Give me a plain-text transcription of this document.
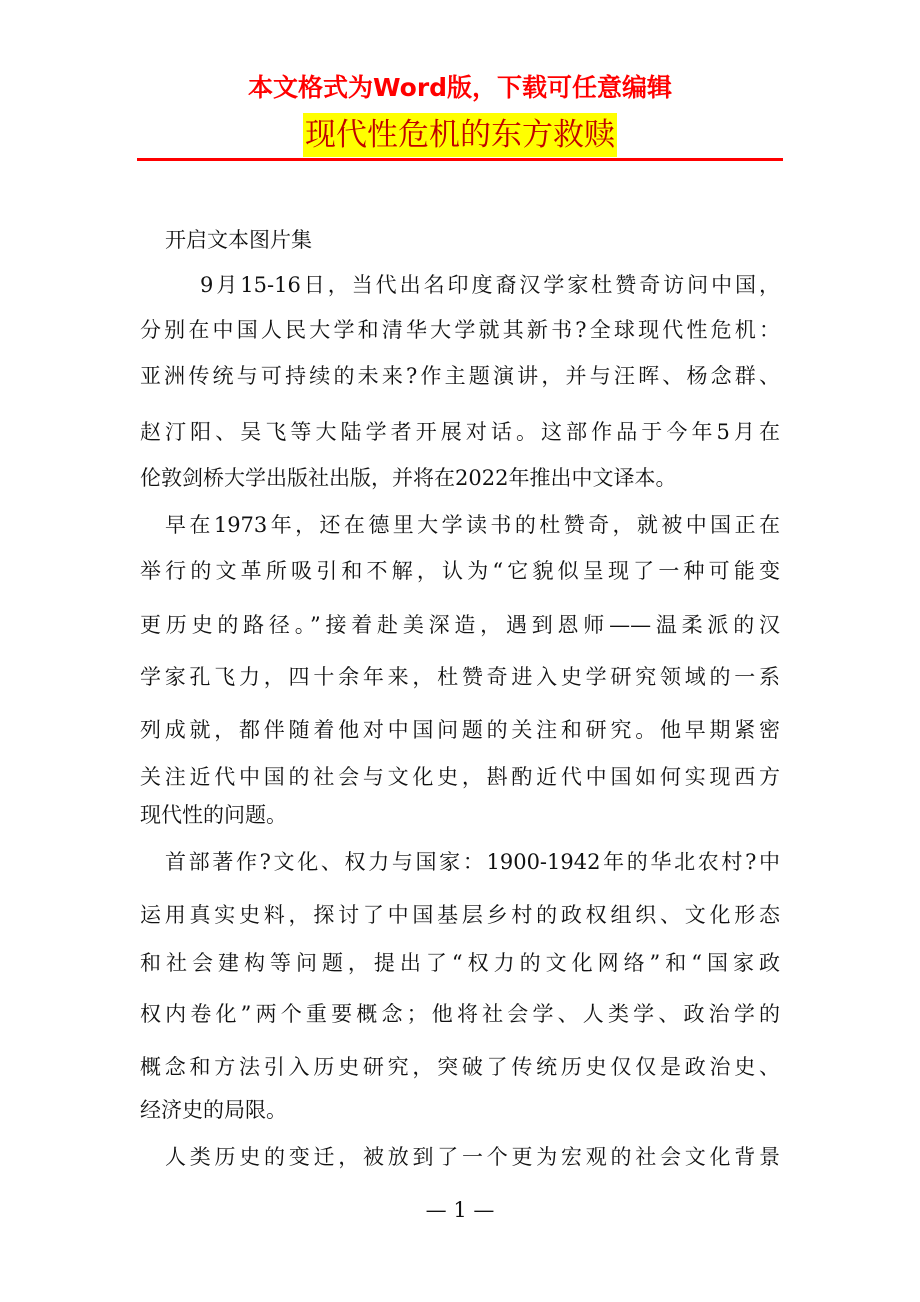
本文格式为Word版，下载可任意编辑
现代性危机的东方救赎
开启文本图片集
9月15-16日，当代出名印度裔汉学家杜赞奇访问中国，
分别在中国人民大学和清华大学就其新书?全球现代性危机：
亚洲传统与可持续的未来?作主题演讲，并与汪晖、杨念群、
赵汀阳、吴飞等大陆学者开展对话。这部作品于今年5月在
伦敦剑桥大学出版社出版，并将在2022年推出中文译本。
早在1973年，还在德里大学读书的杜赞奇，就被中国正在
举行的文革所吸引和不解，认为“它貌似呈现了一种可能变
更历史的路径。”接着赴美深造，遇到恩师——温柔派的汉
学家孔飞力，四十余年来，杜赞奇进入史学研究领域的一系
列成就，都伴随着他对中国问题的关注和研究。他早期紧密
关注近代中国的社会与文化史，斟酌近代中国如何实现西方
现代性的问题。
首部著作?文化、权力与国家：1900-1942年的华北农村?中
运用真实史料，探讨了中国基层乡村的政权组织、文化形态
和社会建构等问题，提出了“权力的文化网络”和“国家政
权内卷化”两个重要概念；他将社会学、人类学、政治学的
概念和方法引入历史研究，突破了传统历史仅仅是政治史、
经济史的局限。
人类历史的变迁，被放到了一个更为宏观的社会文化背景
— 1 —
